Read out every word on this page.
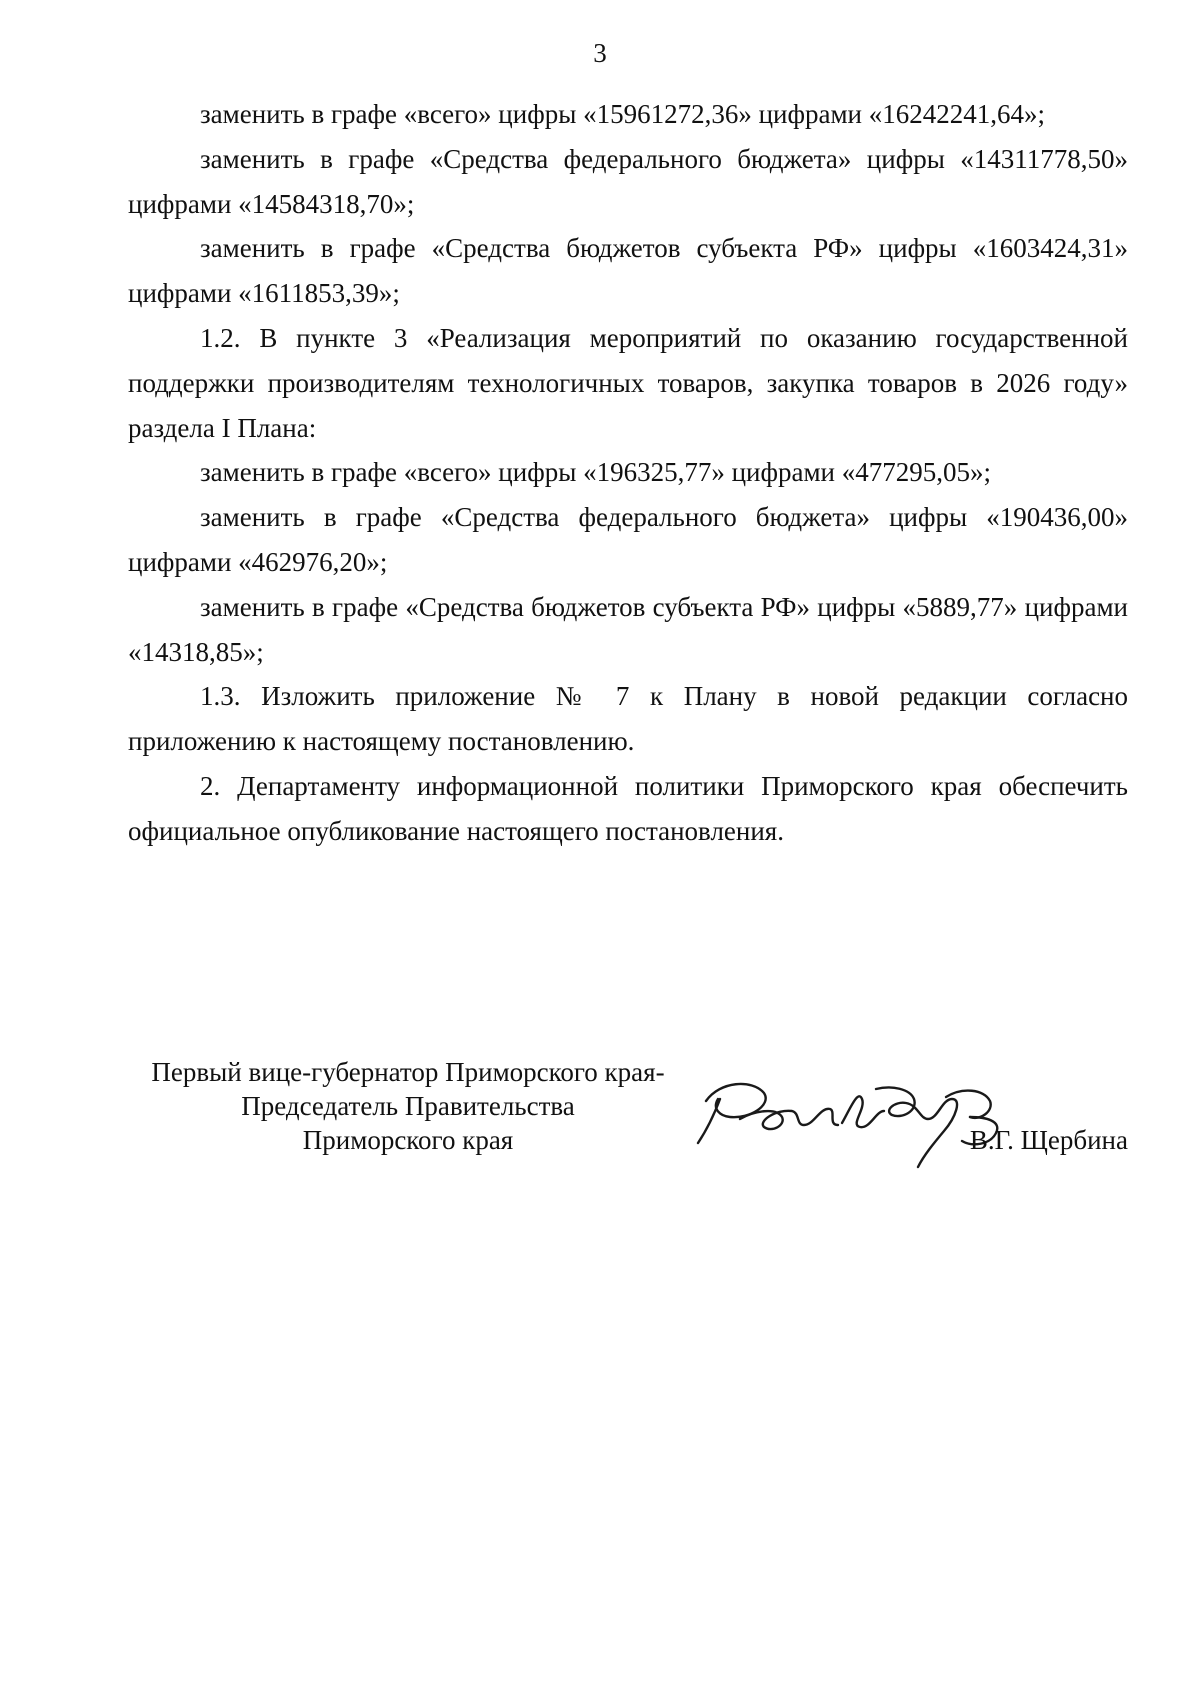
3

заменить в графе «всего» цифры «15961272,36» цифрами «16242241,64»;

заменить в графе «Средства федерального бюджета» цифры «14311778,50» цифрами «14584318,70»;

заменить в графе «Средства бюджетов субъекта РФ» цифры «1603424,31» цифрами «1611853,39»;

1.2. В пункте 3 «Реализация мероприятий по оказанию государственной поддержки производителям технологичных товаров, закупка товаров в 2026 году» раздела I Плана:

заменить в графе «всего» цифры «196325,77» цифрами «477295,05»;

заменить в графе «Средства федерального бюджета» цифры «190436,00» цифрами «462976,20»;

заменить в графе «Средства бюджетов субъекта РФ» цифры «5889,77» цифрами «14318,85»;

1.3. Изложить приложение № 7 к Плану в новой редакции согласно приложению к настоящему постановлению.

2. Департаменту информационной политики Приморского края обеспечить официальное опубликование настоящего постановления.

Первый вице-губернатор Приморского края-
Председатель Правительства
Приморского края	В.Г. Щербина
